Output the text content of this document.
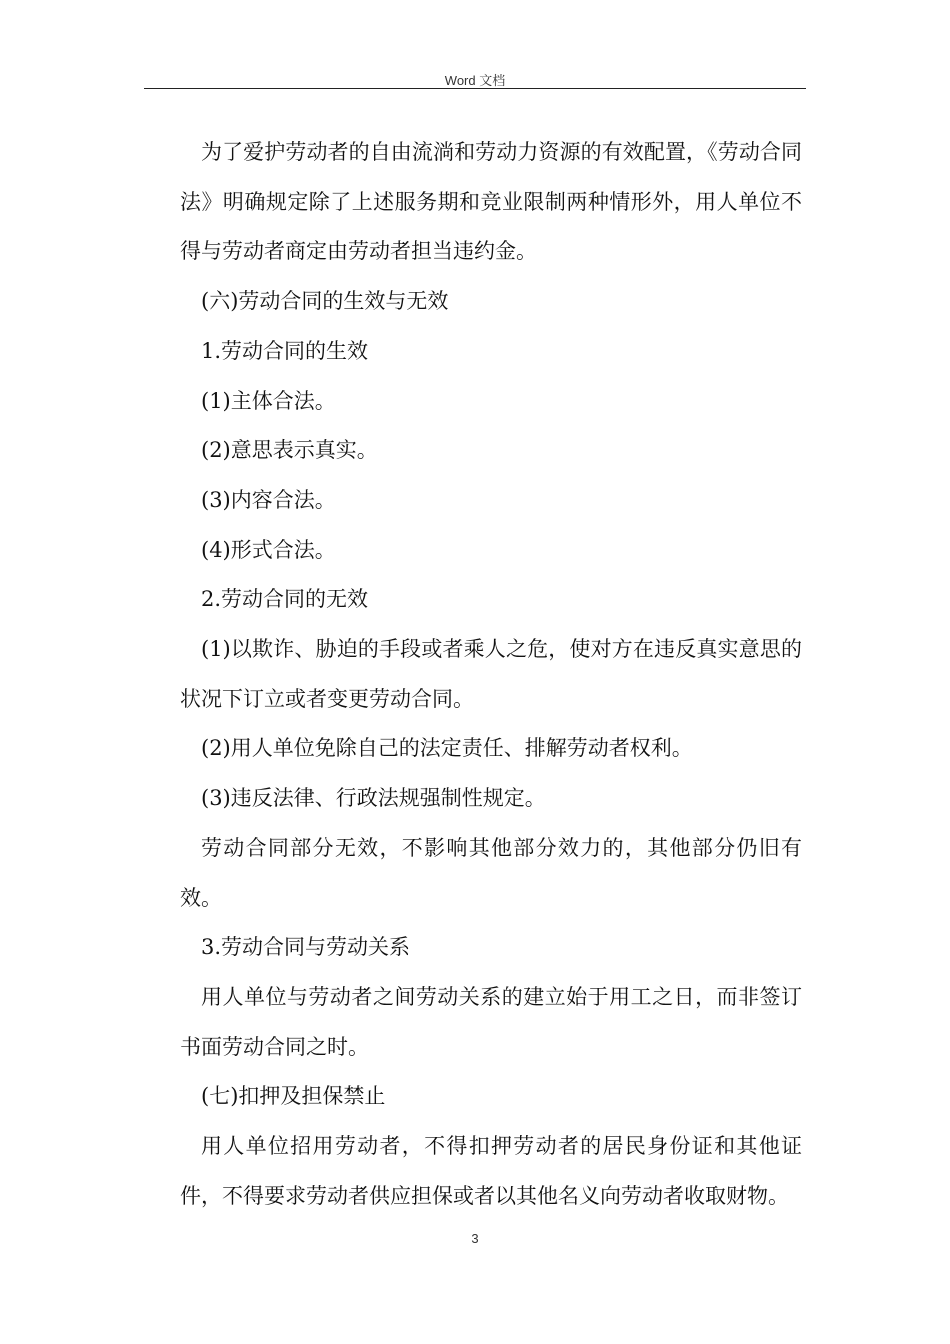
Word 文档

为了爱护劳动者的自由流淌和劳动力资源的有效配置，《劳动合同法》明确规定除了上述服务期和竞业限制两种情形外，用人单位不得与劳动者商定由劳动者担当违约金。

(六)劳动合同的生效与无效

1.劳动合同的生效

(1)主体合法。

(2)意思表示真实。

(3)内容合法。

(4)形式合法。

2.劳动合同的无效

(1)以欺诈、胁迫的手段或者乘人之危，使对方在违反真实意思的状况下订立或者变更劳动合同。

(2)用人单位免除自己的法定责任、排解劳动者权利。

(3)违反法律、行政法规强制性规定。

劳动合同部分无效，不影响其他部分效力的，其他部分仍旧有效。

3.劳动合同与劳动关系

用人单位与劳动者之间劳动关系的建立始于用工之日，而非签订书面劳动合同之时。

(七)扣押及担保禁止

用人单位招用劳动者，不得扣押劳动者的居民身份证和其他证件，不得要求劳动者供应担保或者以其他名义向劳动者收取财物。

3
